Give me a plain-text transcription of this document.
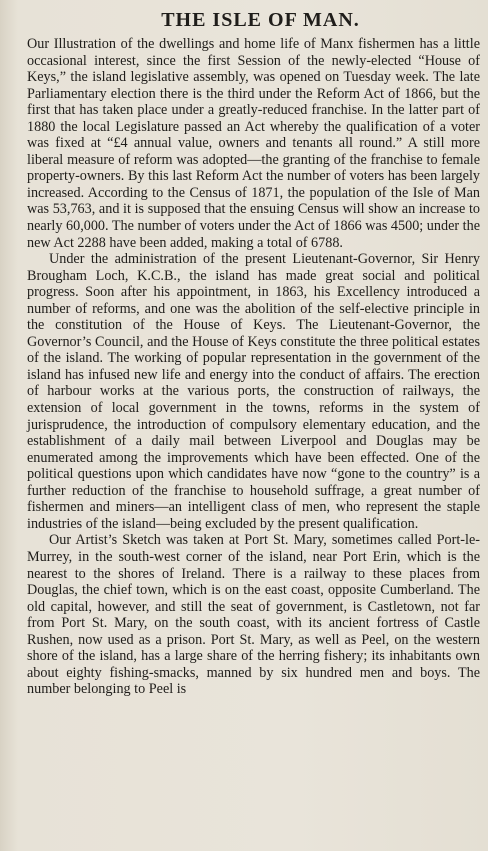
THE ISLE OF MAN.

Our Illustration of the dwellings and home life of Manx fishermen has a little occasional interest, since the first Session of the newly-elected “House of Keys,” the island legislative assembly, was opened on Tuesday week. The late Parliamentary election there is the third under the Reform Act of 1866, but the first that has taken place under a greatly-reduced franchise. In the latter part of 1880 the local Legislature passed an Act whereby the qualification of a voter was fixed at “£4 annual value, owners and tenants all round.” A still more liberal measure of reform was adopted—the granting of the franchise to female property-owners. By this last Reform Act the number of voters has been largely increased. According to the Census of 1871, the population of the Isle of Man was 53,763, and it is supposed that the ensuing Census will show an increase to nearly 60,000. The number of voters under the Act of 1866 was 4500; under the new Act 2288 have been added, making a total of 6788.

Under the administration of the present Lieutenant-Governor, Sir Henry Brougham Loch, K.C.B., the island has made great social and political progress. Soon after his appointment, in 1863, his Excellency introduced a number of reforms, and one was the abolition of the self-elective principle in the constitution of the House of Keys. The Lieutenant-Governor, the Governor’s Council, and the House of Keys constitute the three political estates of the island. The working of popular representation in the government of the island has infused new life and energy into the conduct of affairs. The erection of harbour works at the various ports, the construction of railways, the extension of local government in the towns, reforms in the system of jurisprudence, the introduction of compulsory elementary education, and the establishment of a daily mail between Liverpool and Douglas may be enumerated among the improvements which have been effected. One of the political questions upon which candidates have now “gone to the country” is a further reduction of the franchise to household suffrage, a great number of fishermen and miners—an intelligent class of men, who represent the staple industries of the island—being excluded by the present qualification.

Our Artist’s Sketch was taken at Port St. Mary, sometimes called Port-le-Murrey, in the south-west corner of the island, near Port Erin, which is the nearest to the shores of Ireland. There is a railway to these places from Douglas, the chief town, which is on the east coast, opposite Cumberland. The old capital, however, and still the seat of government, is Castletown, not far from Port St. Mary, on the south coast, with its ancient fortress of Castle Rushen, now used as a prison. Port St. Mary, as well as Peel, on the western shore of the island, has a large share of the herring fishery; its inhabitants own about eighty fishing-smacks, manned by six hundred men and boys. The number belonging to Peel is
